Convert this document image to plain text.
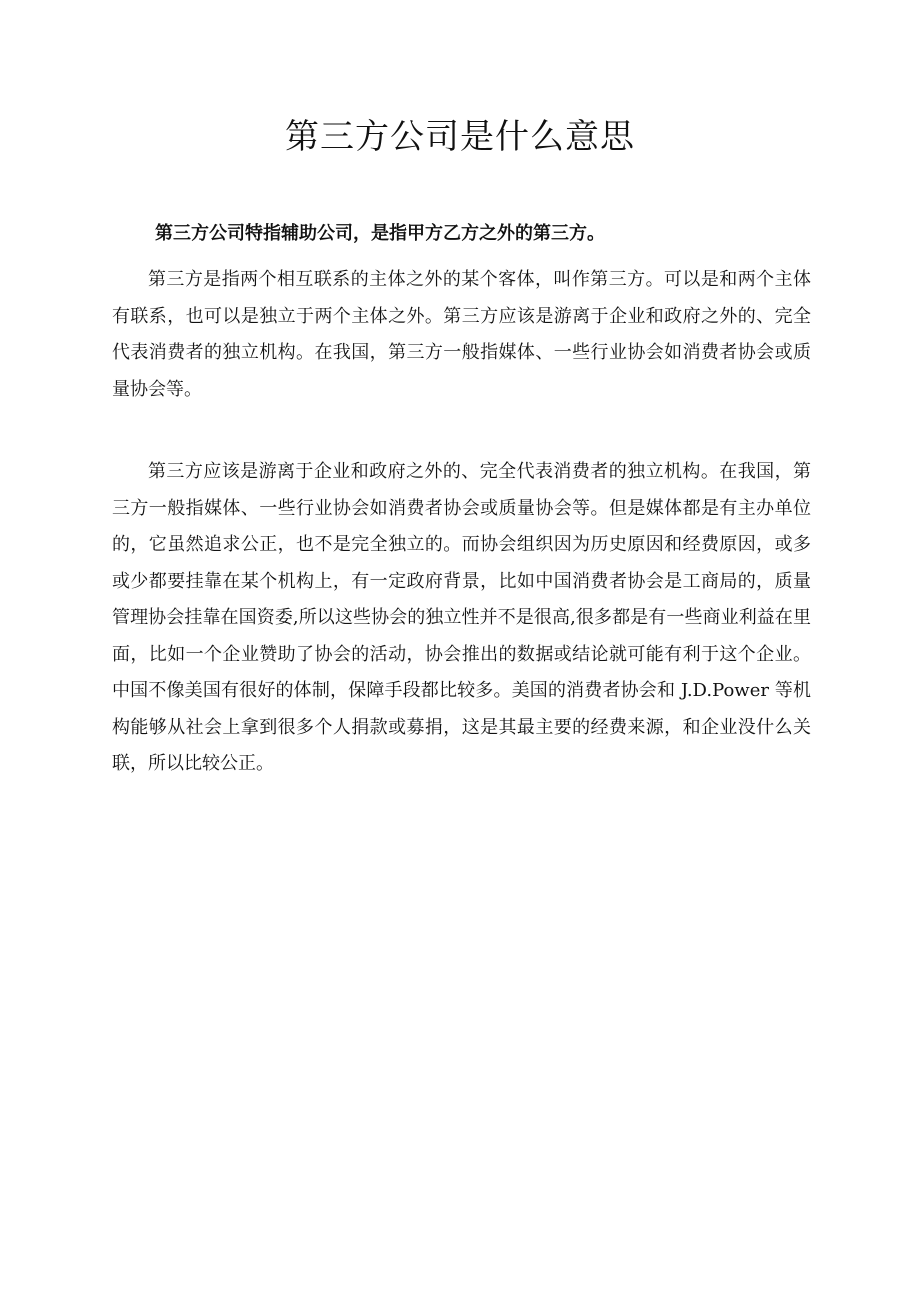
第三方公司是什么意思

第三方公司特指辅助公司，是指甲方乙方之外的第三方。

第三方是指两个相互联系的主体之外的某个客体，叫作第三方。可以是和两个主体有联系，也可以是独立于两个主体之外。第三方应该是游离于企业和政府之外的、完全代表消费者的独立机构。在我国，第三方一般指媒体、一些行业协会如消费者协会或质量协会等。

第三方应该是游离于企业和政府之外的、完全代表消费者的独立机构。在我国，第三方一般指媒体、一些行业协会如消费者协会或质量协会等。但是媒体都是有主办单位的，它虽然追求公正，也不是完全独立的。而协会组织因为历史原因和经费原因，或多或少都要挂靠在某个机构上，有一定政府背景，比如中国消费者协会是工商局的，质量管理协会挂靠在国资委,所以这些协会的独立性并不是很高,很多都是有一些商业利益在里面，比如一个企业赞助了协会的活动，协会推出的数据或结论就可能有利于这个企业。中国不像美国有很好的体制，保障手段都比较多。美国的消费者协会和 J.D.Power 等机构能够从社会上拿到很多个人捐款或募捐，这是其最主要的经费来源，和企业没什么关联，所以比较公正。
